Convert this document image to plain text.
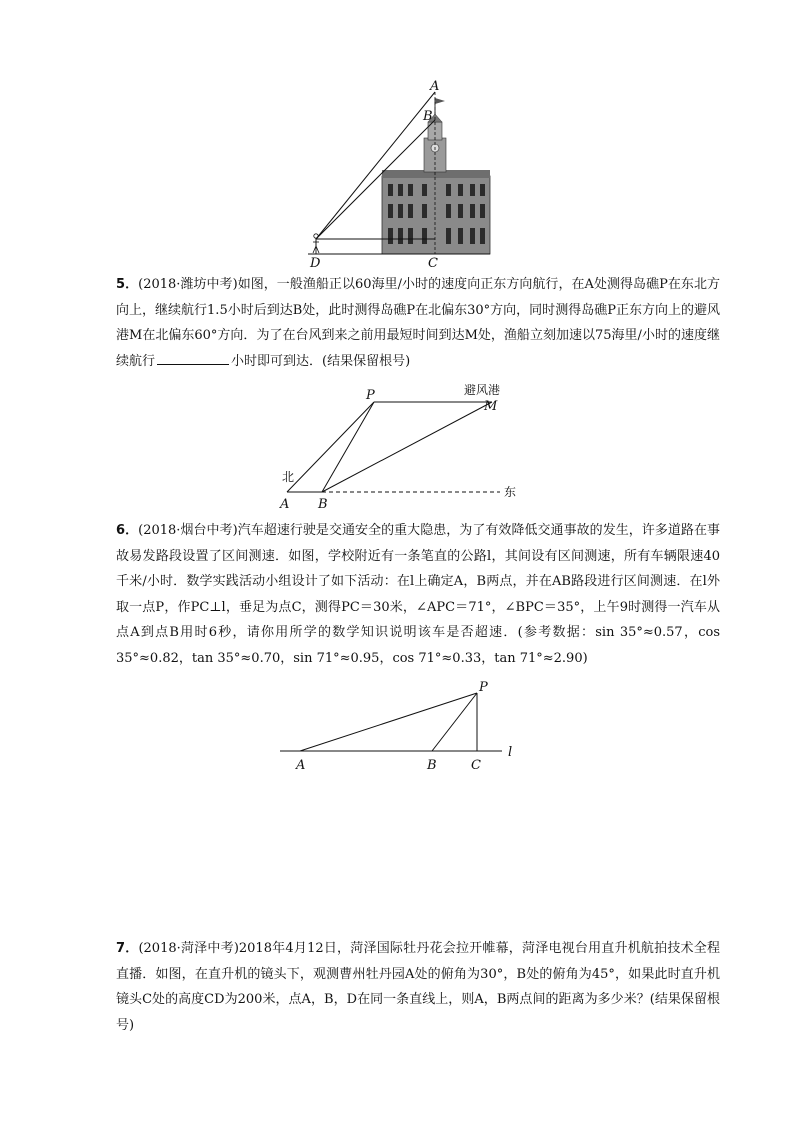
A
B
D	C
5．(2018·潍坊中考)如图，一般渔船正以60海里/小时的速度向正东方向航行，在A处测得岛礁P在东北方向上，继续航行1.5小时后到达B处，此时测得岛礁P在北偏东30°方向，同时测得岛礁P正东方向上的避风港M在北偏东60°方向．为了在台风到来之前用最短时间到达M处，渔船立刻加速以75海里/小时的速度继续航行	小时即可到达．(结果保留根号)
P	避风港
M
北
A B
东
6．(2018·烟台中考)汽车超速行驶是交通安全的重大隐患，为了有效降低交通事故的发生，许多道路在事故易发路段设置了区间测速．如图，学校附近有一条笔直的公路l，其间设有区间测速，所有车辆限速40千米/小时．数学实践活动小组设计了如下活动：在l上确定A，B两点，并在AB路段进行区间测速．在l外取一点P，作PC⊥l，垂足为点C，测得PC＝30米，∠APC＝71°，∠BPC＝35°，上午9时测得一汽车从点A到点B用时6秒，请你用所学的数学知识说明该车是否超速．(参考数据：sin 35°≈0.57，cos 35°≈0.82，tan 35°≈0.70，sin 71°≈0.95，cos 71°≈0.33，tan 71°≈2.90)
P
A	B	C
l
7．(2018·菏泽中考)2018年4月12日，菏泽国际牡丹花会拉开帷幕，菏泽电视台用直升机航拍技术全程直播．如图，在直升机的镜头下，观测曹州牡丹园A处的俯角为30°，B处的俯角为45°，如果此时直升机镜头C处的高度CD为200米，点A，B，D在同一条直线上，则A，B两点间的距离为多少米？(结果保留根号)
